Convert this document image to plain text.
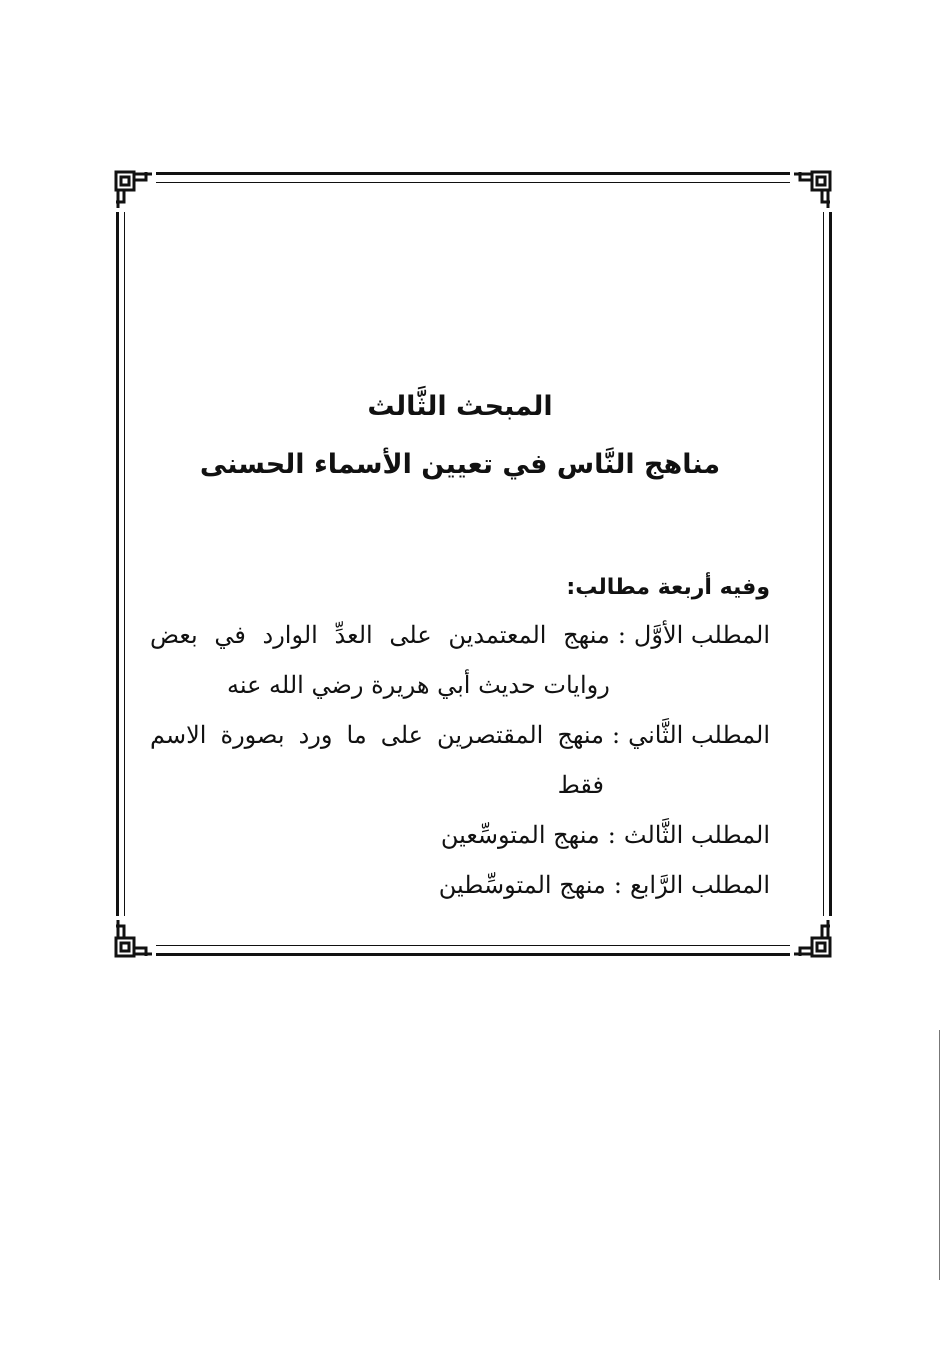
المبحث الثَّالث
مناهج النَّاس في تعيين الأسماء الحسنى
وفيه أربعة مطالب:
المطلب الأوَّل
:
منهج المعتمدين على العدِّ الوارد في بعض روايات حديث أبي هريرة رضي الله عنه
المطلب الثَّاني
:
منهج المقتصرين على ما ورد بصورة الاسم فقط
المطلب الثَّالث
:
منهج المتوسِّعين
المطلب الرَّابع
:
منهج المتوسِّطين
